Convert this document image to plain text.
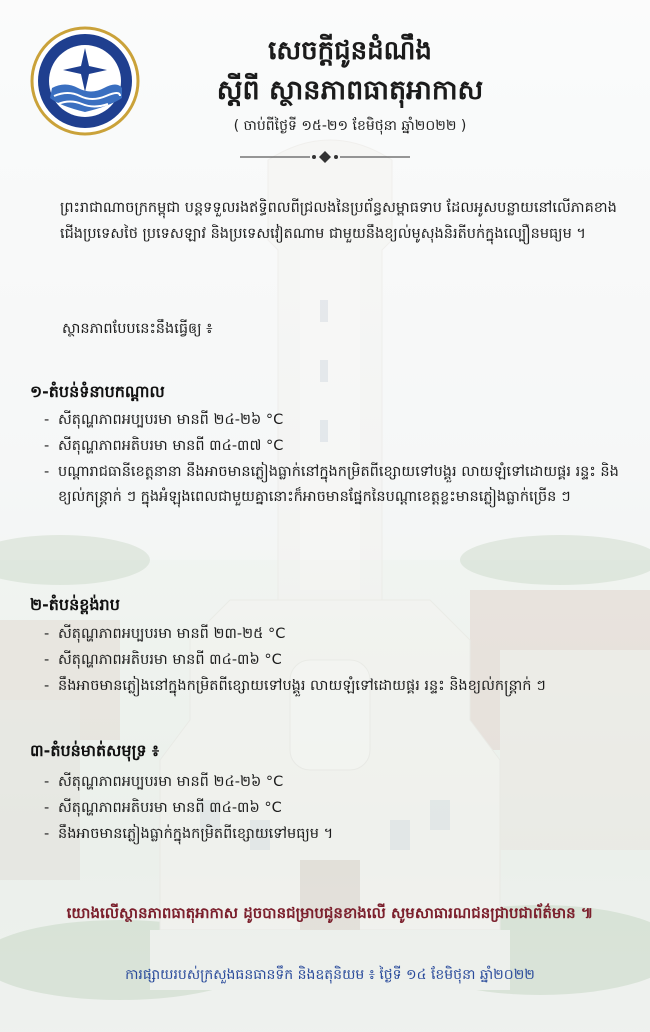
សេចក្តីជូនដំណឹង
ស្តីពី ស្ថានភាពធាតុអាកាស
( ចាប់ពីថ្ងៃទី ១៥-២១ ខែមិថុនា ឆ្នាំ២០២២ )
ព្រះរាជាណាចក្រកម្ពុជា បន្តទទួលរងឥទ្ធិពលពីជ្រលងនៃប្រព័ន្ធសម្ពាធទាប ដែលអូសបន្លាយនៅលើភាគខាងជើងប្រទេសថៃ ប្រទេសឡាវ និងប្រទេសវៀតណាម ជាមួយនឹងខ្យល់មូសុងនិរតីបក់ក្នុងល្បឿនមធ្យម ។
ស្ថានភាពបែបនេះនឹងធ្វើឲ្យ ៖
១-តំបន់ទំនាបកណ្តាល
- សីតុណ្ហភាពអប្បបរមា មានពី ២៤-២៦ °C
- សីតុណ្ហភាពអតិបរមា មានពី ៣៤-៣៧ °C
- បណ្តារាជធានីខេត្តនានា នឹងអាចមានភ្លៀងធ្លាក់នៅក្នុងកម្រិតពីខ្សោយទៅបង្គួរ លាយឡំទៅដោយផ្គរ រន្ទះ និងខ្យល់កន្ត្រាក់ ៗ ក្នុងអំឡុងពេលជាមួយគ្នានោះក៏អាចមានផ្នែកនៃបណ្តាខេត្តខ្លះមានភ្លៀងធ្លាក់ច្រើន ៗ
២-តំបន់ខ្ពង់រាប
- សីតុណ្ហភាពអប្បបរមា មានពី ២៣-២៥ °C
- សីតុណ្ហភាពអតិបរមា មានពី ៣៤-៣៦ °C
- នឹងអាចមានភ្លៀងនៅក្នុងកម្រិតពីខ្សោយទៅបង្គួរ លាយឡំទៅដោយផ្គរ រន្ទះ និងខ្យល់កន្ត្រាក់ ៗ
៣-តំបន់មាត់សមុទ្រ ៖
- សីតុណ្ហភាពអប្បបរមា មានពី ២៤-២៦ °C
- សីតុណ្ហភាពអតិបរមា មានពី ៣៤-៣៦ °C
- នឹងអាចមានភ្លៀងធ្លាក់ក្នុងកម្រិតពីខ្សោយទៅមធ្យម ។
យោងលើស្ថានភាពធាតុអាកាស ដូចបានជម្រាបជូនខាងលើ សូមសាធារណជនជ្រាបជាព័ត៌មាន ៕
ការផ្សាយរបស់ក្រសួងធនធានទឹក និងឧតុនិយម ៖ ថ្ងៃទី ១៤ ខែមិថុនា ឆ្នាំ២០២២
